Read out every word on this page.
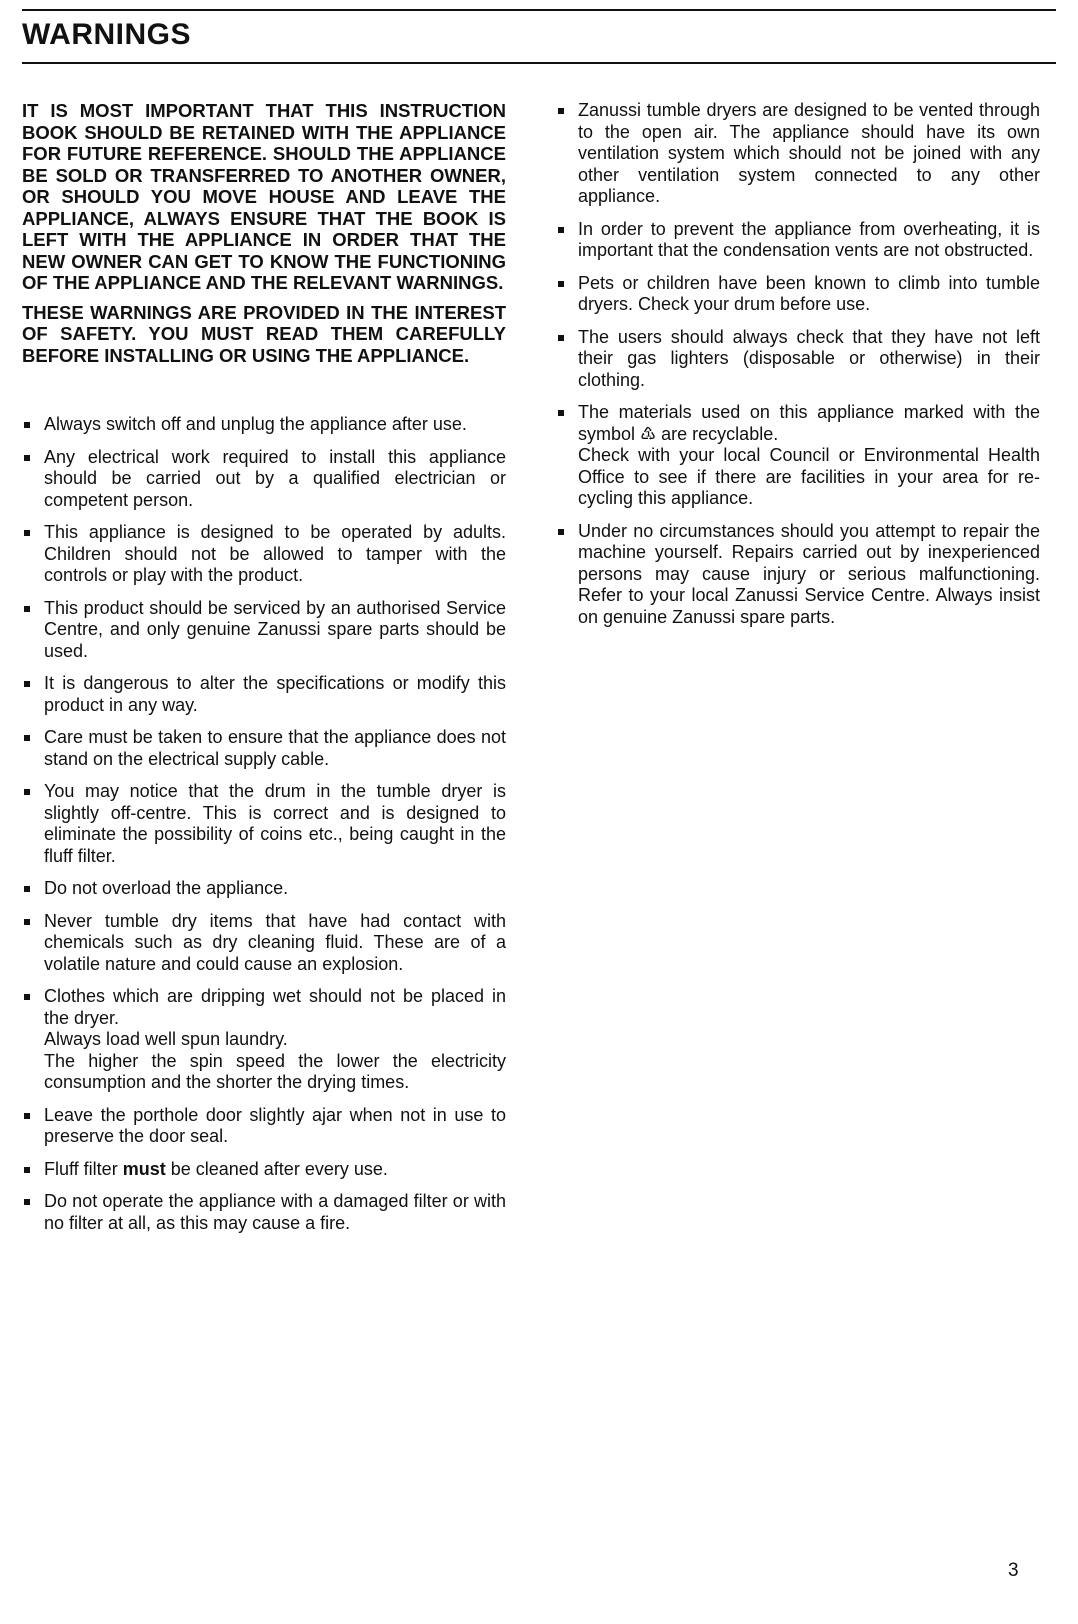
WARNINGS

IT IS MOST IMPORTANT THAT THIS INSTRUCTION BOOK SHOULD BE RETAINED WITH THE APPLIANCE FOR FUTURE REFERENCE. SHOULD THE APPLIANCE BE SOLD OR TRANSFERRED TO ANOTHER OWNER, OR SHOULD YOU MOVE HOUSE AND LEAVE THE APPLIANCE, ALWAYS ENSURE THAT THE BOOK IS LEFT WITH THE APPLIANCE IN ORDER THAT THE NEW OWNER CAN GET TO KNOW THE FUNCTIONING OF THE APPLIANCE AND THE RELEVANT WARNINGS.

THESE WARNINGS ARE PROVIDED IN THE INTEREST OF SAFETY. YOU MUST READ THEM CAREFULLY BEFORE INSTALLING OR USING THE APPLIANCE.

Always switch off and unplug the appliance after use.
Any electrical work required to install this appliance should be carried out by a qualified electrician or competent person.
This appliance is designed to be operated by adults. Children should not be allowed to tamper with the controls or play with the product.
This product should be serviced by an authorised Service Centre, and only genuine Zanussi spare parts should be used.
It is dangerous to alter the specifications or modify this product in any way.
Care must be taken to ensure that the appliance does not stand on the electrical supply cable.
You may notice that the drum in the tumble dryer is slightly off-centre. This is correct and is designed to eliminate the possibility of coins etc., being caught in the fluff filter.
Do not overload the appliance.
Never tumble dry items that have had contact with chemicals such as dry cleaning fluid. These are of a volatile nature and could cause an explosion.
Clothes which are dripping wet should not be placed in the dryer.
Always load well spun laundry.
The higher the spin speed the lower the electricity consumption and the shorter the drying times.
Leave the porthole door slightly ajar when not in use to preserve the door seal.
Fluff filter must be cleaned after every use.
Do not operate the appliance with a damaged filter or with no filter at all, as this may cause a fire.
Zanussi tumble dryers are designed to be vented through to the open air. The appliance should have its own ventilation system which should not be joined with any other ventilation system connected to any other appliance.
In order to prevent the appliance from overheating, it is important that the condensation vents are not obstructed.
Pets or children have been known to climb into tumble dryers. Check your drum before use.
The users should always check that they have not left their gas lighters (disposable or otherwise) in their clothing.
The materials used on this appliance marked with the symbol ♳ are recyclable.
Check with your local Council or Environmental Health Office to see if there are facilities in your area for re-cycling this appliance.
Under no circumstances should you attempt to repair the machine yourself. Repairs carried out by inexperienced persons may cause injury or serious malfunctioning. Refer to your local Zanussi Service Centre. Always insist on genuine Zanussi spare parts.
3
